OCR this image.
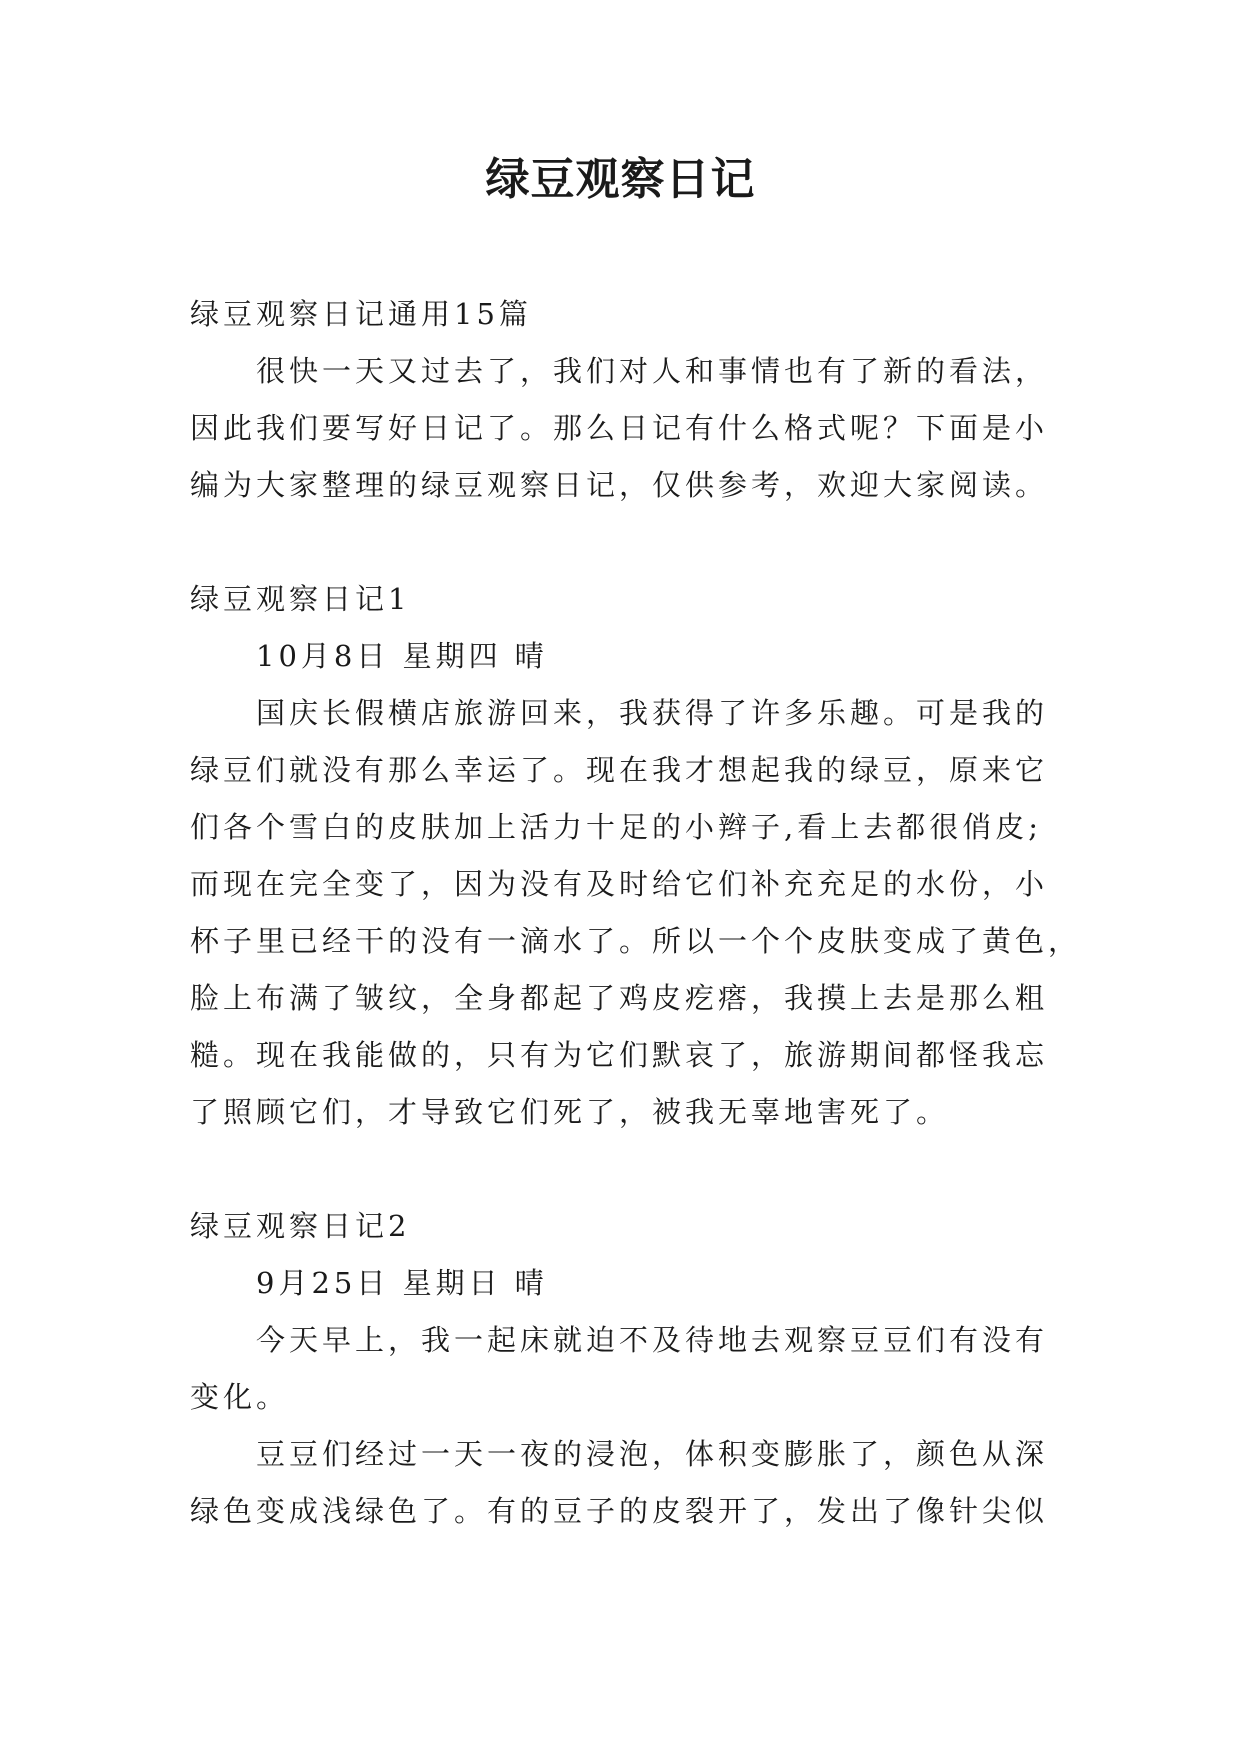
绿豆观察日记
绿豆观察日记通用15篇
很快一天又过去了，我们对人和事情也有了新的看法，
因此我们要写好日记了。那么日记有什么格式呢？下面是小
编为大家整理的绿豆观察日记，仅供参考，欢迎大家阅读。
绿豆观察日记1
10月8日 星期四 晴
国庆长假横店旅游回来，我获得了许多乐趣。可是我的
绿豆们就没有那么幸运了。现在我才想起我的绿豆，原来它
们各个雪白的皮肤加上活力十足的小辫子,看上去都很俏皮;
而现在完全变了，因为没有及时给它们补充充足的水份，小
杯子里已经干的没有一滴水了。所以一个个皮肤变成了黄色，
脸上布满了皱纹，全身都起了鸡皮疙瘩，我摸上去是那么粗
糙。现在我能做的，只有为它们默哀了，旅游期间都怪我忘
了照顾它们，才导致它们死了，被我无辜地害死了。
绿豆观察日记2
9月25日 星期日 晴
今天早上，我一起床就迫不及待地去观察豆豆们有没有
变化。
豆豆们经过一天一夜的浸泡，体积变膨胀了，颜色从深
绿色变成浅绿色了。有的豆子的皮裂开了，发出了像针尖似
